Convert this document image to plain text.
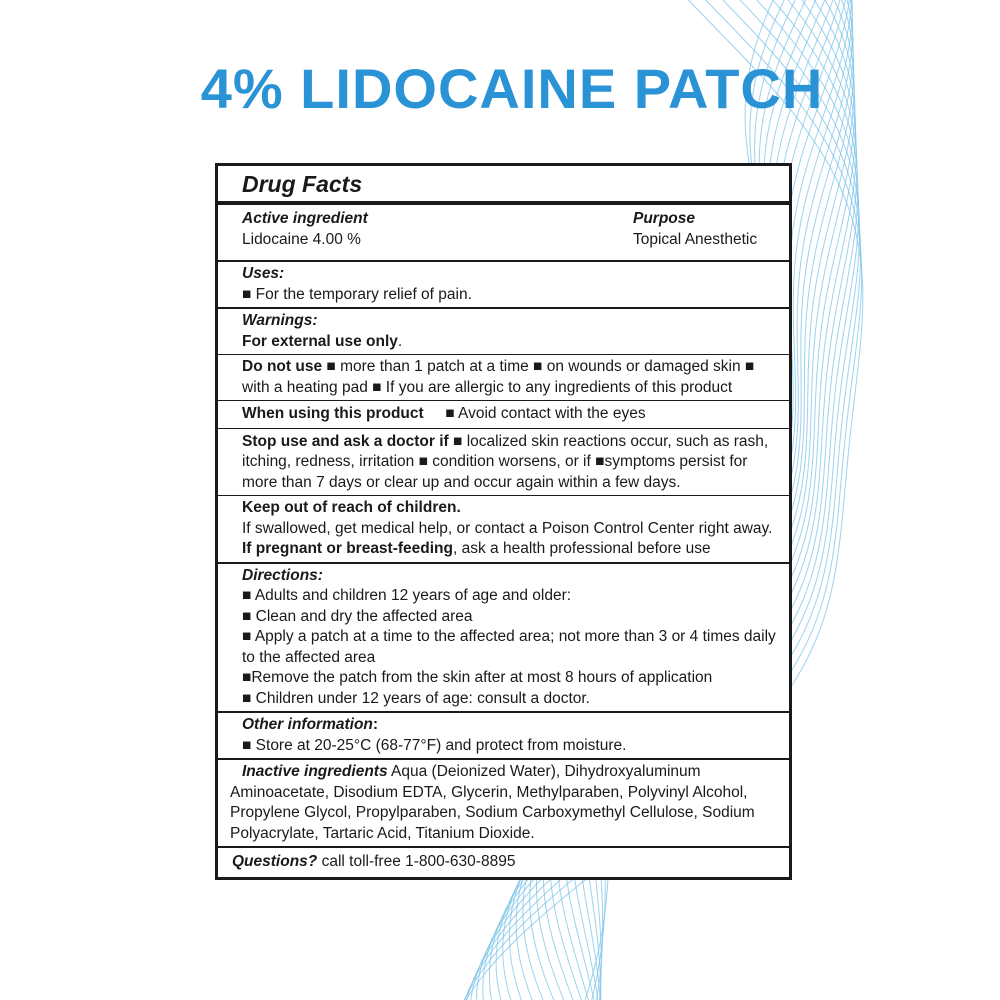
4% LIDOCAINE PATCH
Drug Facts
Active ingredient
Lidocaine 4.00 %
Purpose
Topical Anesthetic
Uses:
■ For the temporary relief of pain.
Warnings:
For external use only.
Do not use ■ more than 1 patch at a time ■ on wounds or damaged skin ■ with a heating pad ■ If you are allergic to any ingredients of this product
When using this product     ■ Avoid contact with the eyes
Stop use and ask a doctor if ■ localized skin reactions occur, such as rash, itching, redness, irritation ■ condition worsens, or if ■symptoms persist for more than 7 days or clear up and occur again within a few days.
Keep out of reach of children.
If swallowed, get medical help, or contact a Poison Control Center right away.
If pregnant or breast-feeding, ask a health professional before use
Directions:
■ Adults and children 12 years of age and older:
■ Clean and dry the affected area
■ Apply a patch at a time to the affected area; not more than 3 or 4 times daily to the affected area
■Remove the patch from the skin after at most 8 hours of application
■ Children under 12 years of age: consult a doctor.
Other information:
■ Store at 20-25°C (68-77°F) and protect from moisture.
Inactive ingredients Aqua (Deionized Water), Dihydroxyaluminum Aminoacetate, Disodium EDTA, Glycerin, Methylparaben, Polyvinyl Alcohol, Propylene Glycol, Propylparaben, Sodium Carboxymethyl Cellulose, Sodium Polyacrylate, Tartaric Acid, Titanium Dioxide.
Questions? call toll-free 1-800-630-8895
